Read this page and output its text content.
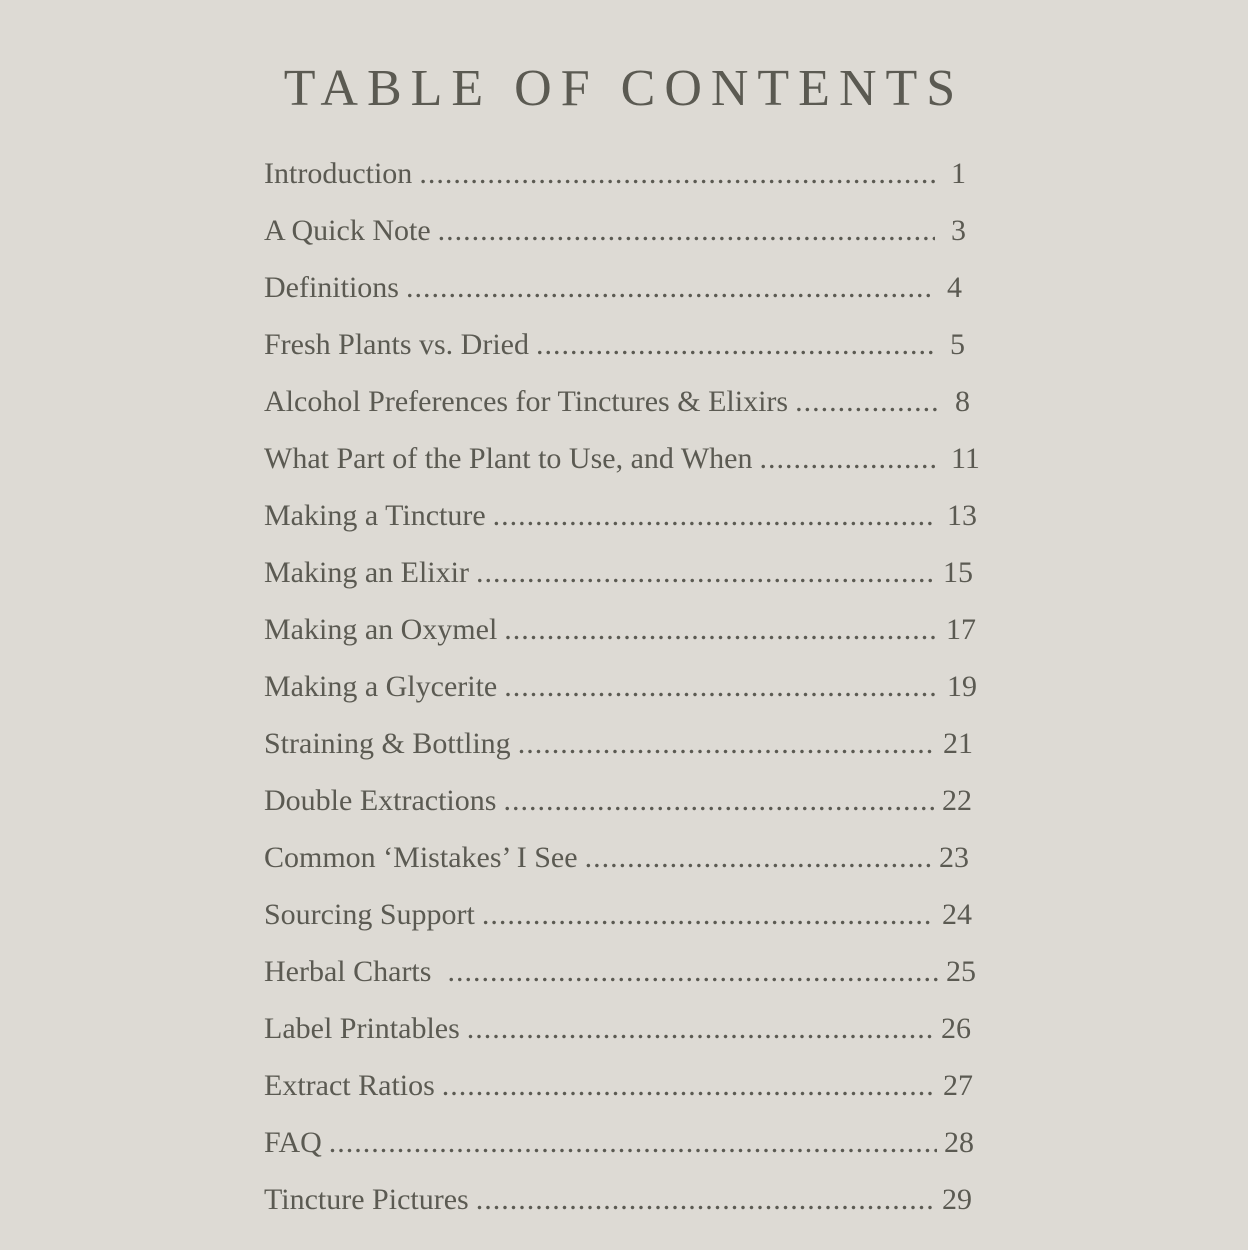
TABLE OF CONTENTS
Introduction .....	1
A Quick Note .....	3
Definitions .....	4
Fresh Plants vs. Dried .....	5
Alcohol Preferences for Tinctures & Elixirs .....	8
What Part of the Plant to Use, and When .....	11
Making a Tincture .....	13
Making an Elixir .....	15
Making an Oxymel .....	17
Making a Glycerite .....	19
Straining & Bottling .....	21
Double Extractions .....	22
Common ‘Mistakes’ I See .....	23
Sourcing Support .....	24
Herbal Charts .....	25
Label Printables .....	26
Extract Ratios .....	27
FAQ .....	28
Tincture Pictures .....	29
